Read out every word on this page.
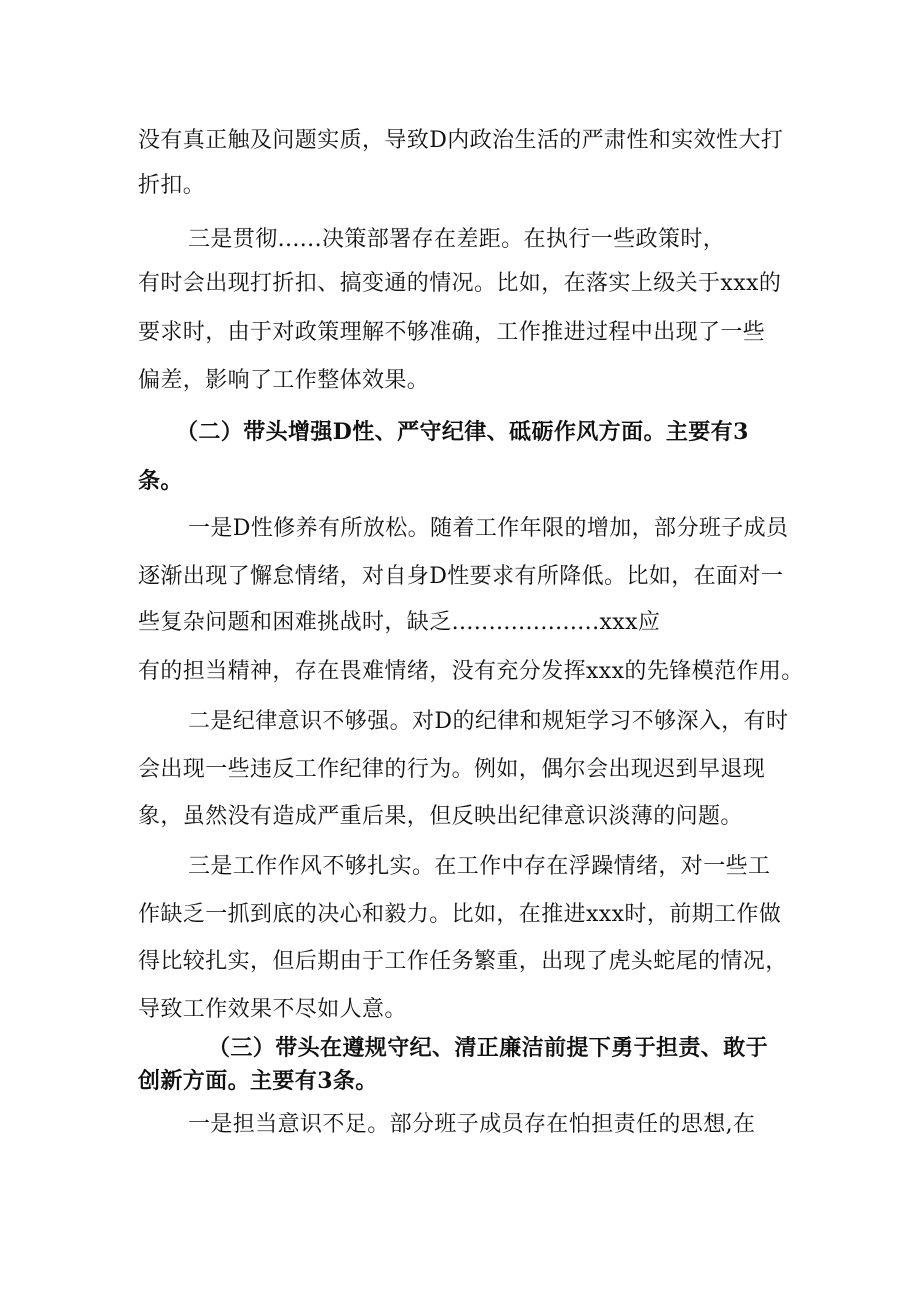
没有真正触及问题实质，导致D内政治生活的严肃性和实效性大打
折扣。
三是贯彻......决策部署存在差距。在执行一些政策时，
有时会出现打折扣、搞变通的情况。比如，在落实上级关于xxx的
要求时，由于对政策理解不够准确，工作推进过程中出现了一些
偏差，影响了工作整体效果。
（二）带头增强D性、严守纪律、砥砺作风方面。主要有3
条。
一是D性修养有所放松。随着工作年限的增加，部分班子成员
逐渐出现了懈怠情绪，对自身D性要求有所降低。比如，在面对一
些复杂问题和困难挑战时，缺乏....................xxx应
有的担当精神，存在畏难情绪，没有充分发挥xxx的先锋模范作用。
二是纪律意识不够强。对D的纪律和规矩学习不够深入，有时
会出现一些违反工作纪律的行为。例如，偶尔会出现迟到早退现
象，虽然没有造成严重后果，但反映出纪律意识淡薄的问题。
三是工作作风不够扎实。在工作中存在浮躁情绪，对一些工
作缺乏一抓到底的决心和毅力。比如，在推进xxx时，前期工作做
得比较扎实，但后期由于工作任务繁重，出现了虎头蛇尾的情况，
导致工作效果不尽如人意。
（三）带头在遵规守纪、清正廉洁前提下勇于担责、敢于
创新方面。主要有3条。
一是担当意识不足。部分班子成员存在怕担责任的思想,在
